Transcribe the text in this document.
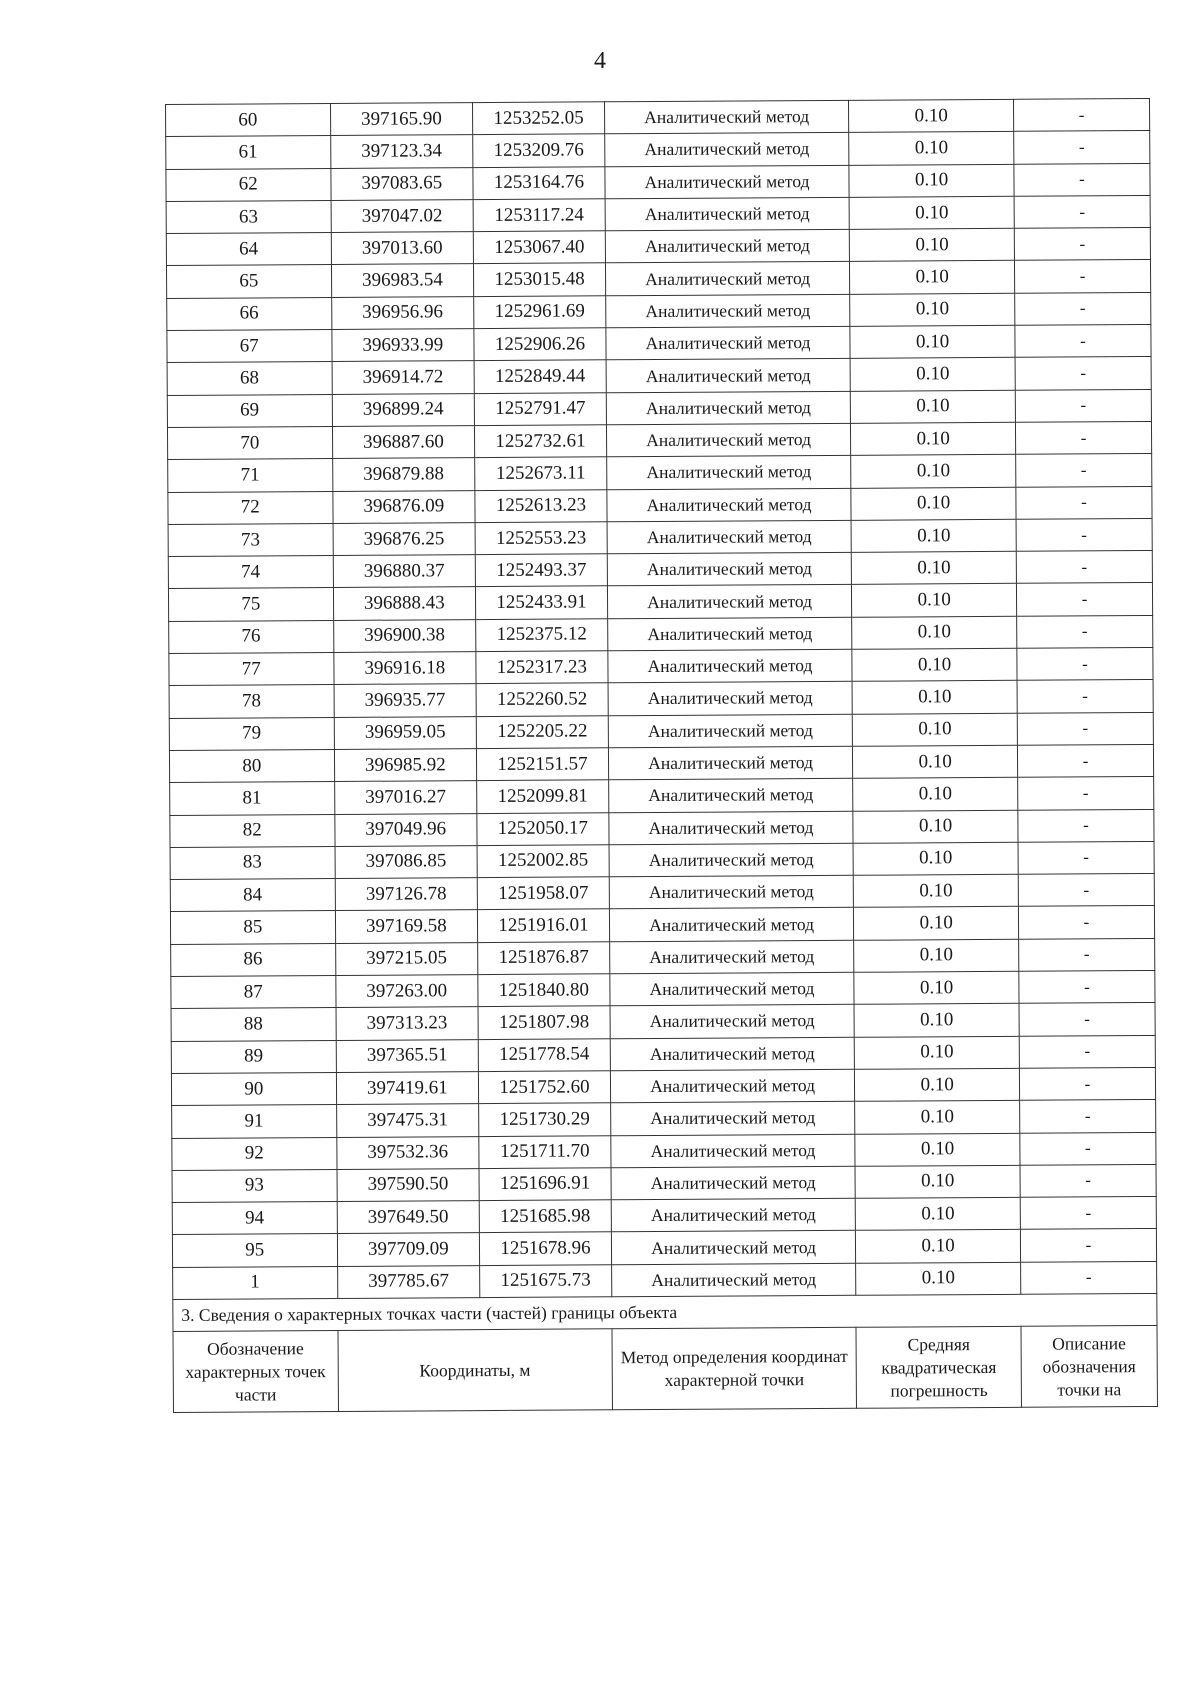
4
60	397165.90	1253252.05	Аналитический метод	0.10	-
61	397123.34	1253209.76	Аналитический метод	0.10	-
62	397083.65	1253164.76	Аналитический метод	0.10	-
63	397047.02	1253117.24	Аналитический метод	0.10	-
64	397013.60	1253067.40	Аналитический метод	0.10	-
65	396983.54	1253015.48	Аналитический метод	0.10	-
66	396956.96	1252961.69	Аналитический метод	0.10	-
67	396933.99	1252906.26	Аналитический метод	0.10	-
68	396914.72	1252849.44	Аналитический метод	0.10	-
69	396899.24	1252791.47	Аналитический метод	0.10	-
70	396887.60	1252732.61	Аналитический метод	0.10	-
71	396879.88	1252673.11	Аналитический метод	0.10	-
72	396876.09	1252613.23	Аналитический метод	0.10	-
73	396876.25	1252553.23	Аналитический метод	0.10	-
74	396880.37	1252493.37	Аналитический метод	0.10	-
75	396888.43	1252433.91	Аналитический метод	0.10	-
76	396900.38	1252375.12	Аналитический метод	0.10	-
77	396916.18	1252317.23	Аналитический метод	0.10	-
78	396935.77	1252260.52	Аналитический метод	0.10	-
79	396959.05	1252205.22	Аналитический метод	0.10	-
80	396985.92	1252151.57	Аналитический метод	0.10	-
81	397016.27	1252099.81	Аналитический метод	0.10	-
82	397049.96	1252050.17	Аналитический метод	0.10	-
83	397086.85	1252002.85	Аналитический метод	0.10	-
84	397126.78	1251958.07	Аналитический метод	0.10	-
85	397169.58	1251916.01	Аналитический метод	0.10	-
86	397215.05	1251876.87	Аналитический метод	0.10	-
87	397263.00	1251840.80	Аналитический метод	0.10	-
88	397313.23	1251807.98	Аналитический метод	0.10	-
89	397365.51	1251778.54	Аналитический метод	0.10	-
90	397419.61	1251752.60	Аналитический метод	0.10	-
91	397475.31	1251730.29	Аналитический метод	0.10	-
92	397532.36	1251711.70	Аналитический метод	0.10	-
93	397590.50	1251696.91	Аналитический метод	0.10	-
94	397649.50	1251685.98	Аналитический метод	0.10	-
95	397709.09	1251678.96	Аналитический метод	0.10	-
1	397785.67	1251675.73	Аналитический метод	0.10	-
3. Сведения о характерных точках части (частей) границы объекта					
Обозначение характерных точек части	Координаты, м		Метод определения координат характерной точки	Средняя квадратическая погрешность	Описание обозначения точки на
